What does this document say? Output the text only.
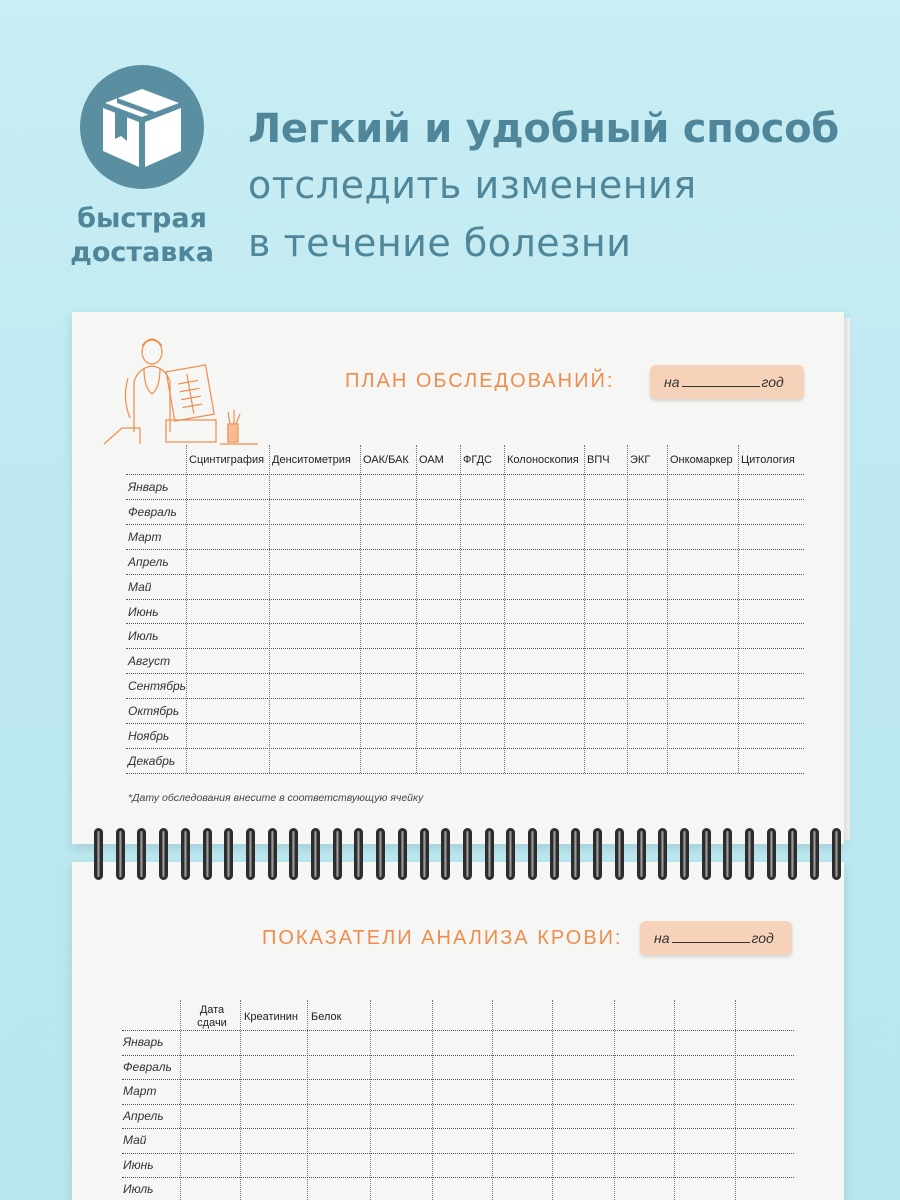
быстрая
доставка
Легкий и удобный способ
отследить изменения
в течение болезни
ПЛАН ОБСЛЕДОВАНИЙ:	на	год
Сцинтиграфия Денситометрия ОАК/БАК ОАМ ФГДС Колоноскопия ВПЧ ЭКГ Онкомаркер Цитология
Январь
Февраль
Март
Апрель
Май
Июнь
Июль
Август
Сентябрь
Октябрь
Ноябрь
Декабрь
*Дату обследования внесите в соответствующую ячейку
ПОКАЗАТЕЛИ АНАЛИЗА КРОВИ:	на	год
Дата сдачи	Креатинин Белок
Январь
Февраль
Март
Апрель
Май
Июнь
Июль
